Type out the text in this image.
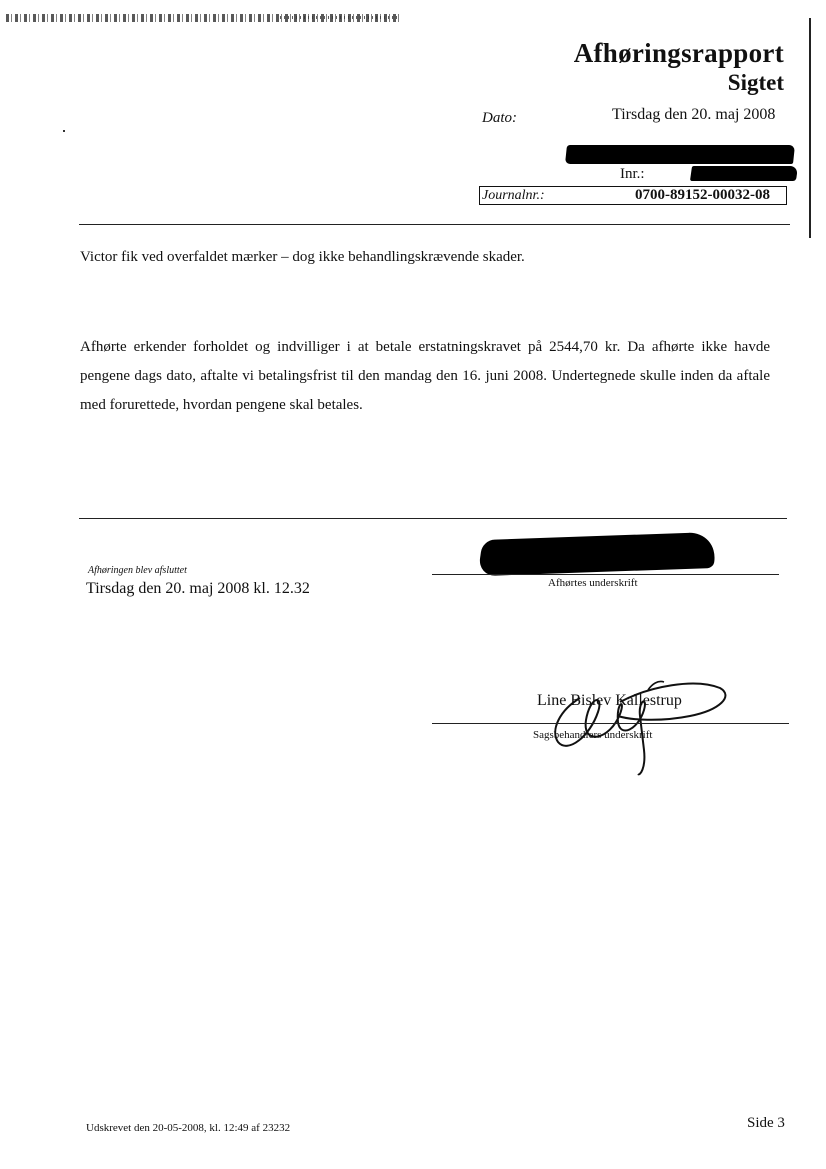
Afhøringsrapport
Sigtet
Dato:	Tirsdag den 20. maj 2008
Inr.:
Journalnr.:	0700-89152-00032-08
Victor fik ved overfaldet mærker – dog ikke behandlingskrævende skader.
Afhørte erkender forholdet og indvilliger i at betale erstatningskravet på 2544,70 kr. Da afhørte ikke havde pengene dags dato, aftalte vi betalingsfrist til den mandag den 16. juni 2008. Undertegnede skulle inden da aftale med forurettede, hvordan pengene skal betales.
Afhøringen blev afsluttet
Tirsdag den 20. maj 2008 kl. 12.32	Afhørtes underskrift
Line Bislev Kallestrup
Sagsbehandlers underskrift
Udskrevet den 20-05-2008, kl. 12:49 af 23232	Side 3
